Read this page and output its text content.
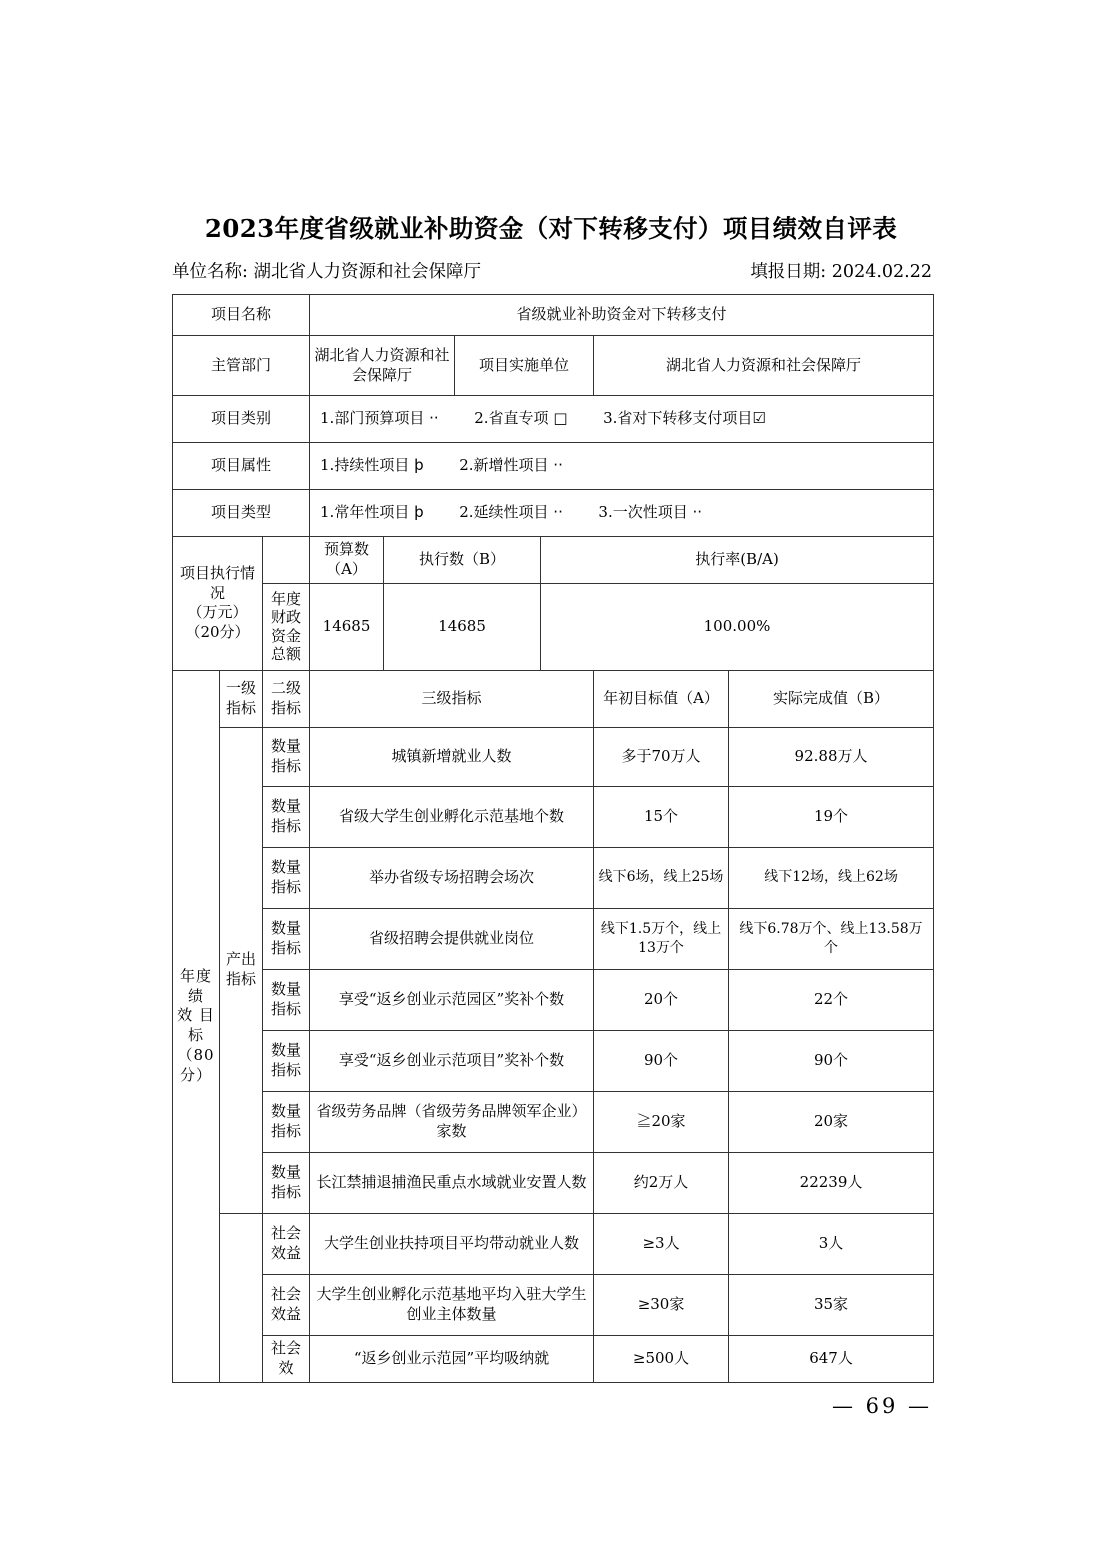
2023年度省级就业补助资金（对下转移支付）项目绩效自评表
单位名称: 湖北省人力资源和社会保障厅	填报日期: 2024.02.22
项目名称			省级就业补助资金对下转移支付					
主管部门			湖北省人力资源和社会保障厅		项目实施单位		湖北省人力资源和社会保障厅	
项目类别			1.部门预算项目 ·· 2.省直专项 □ 3.省对下转移支付项目☑					
项目属性			1.持续性项目 þ 2.新增性项目 ··					
项目类型			1.常年性项目 þ 2.延续性项目 ·· 3.一次性项目 ··					

项目执行情况
（万元）
（20分）			预算数（A）	执行数（B）		执行率(B/A)		
		年度财政资金总额	14685	14685		100.00%		

年度绩
效 目标
（80分）	一级指标	二级指标	三级指标				年初目标值（A）	实际完成值（B）
	产出指标	数量指标	城镇新增就业人数				多于70万人	92.88万人
		数量指标	省级大学生创业孵化示范基地个数				15个	19个
		数量指标	举办省级专场招聘会场次				线下6场，线上25场	线下12场，线上62场
		数量指标	省级招聘会提供就业岗位				线下1.5万个，线上13万个	线下6.78万个、线上13.58万个
		数量指标	享受“返乡创业示范园区”奖补个数				20个	22个
		数量指标	享受“返乡创业示范项目”奖补个数				90个	90个
		数量指标	省级劳务品牌（省级劳务品牌领军企业）家数				≧20家	20家
		数量指标	长江禁捕退捕渔民重点水域就业安置人数				约2万人	22239人
		社会效益	大学生创业扶持项目平均带动就业人数				≥3人	3人
		社会效益	大学生创业孵化示范基地平均入驻大学生创业主体数量				≥30家	35家
		社会效	“返乡创业示范园”平均吸纳就				≥500人	647人
— 69 —
